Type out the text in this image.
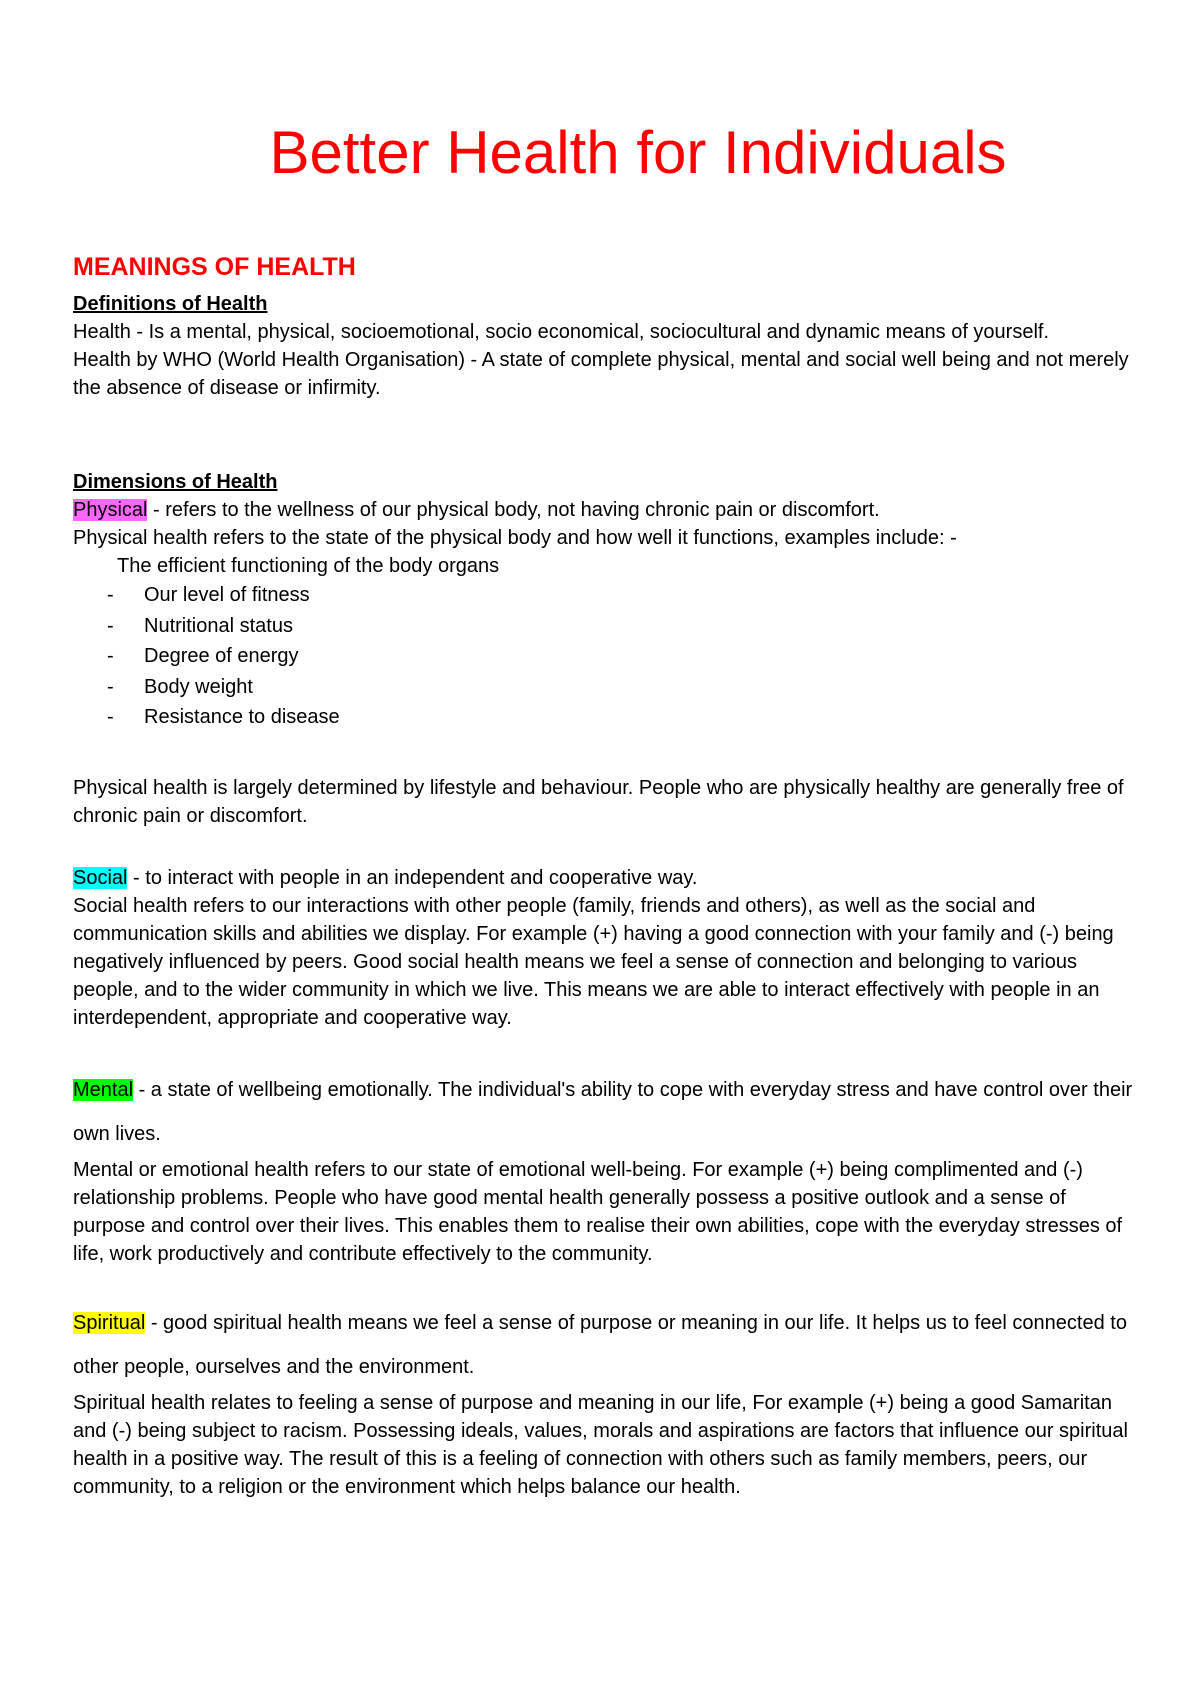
Better Health for Individuals
MEANINGS OF HEALTH

Definitions of Health

Health - Is a mental, physical, socioemotional, socio economical, sociocultural and dynamic means of yourself.

Health by WHO (World Health Organisation) - A state of complete physical, mental and social well being and not merely the absence of disease or infirmity.

Dimensions of Health

Physical - refers to the wellness of our physical body, not having chronic pain or discomfort.

Physical health refers to the state of the physical body and how well it functions, examples include: -

The efficient functioning of the body organs

- Our level of fitness
- Nutritional status
- Degree of energy
- Body weight
- Resistance to disease

Physical health is largely determined by lifestyle and behaviour. People who are physically healthy are generally free of chronic pain or discomfort.

Social - to interact with people in an independent and cooperative way.

Social health refers to our interactions with other people (family, friends and others), as well as the social and communication skills and abilities we display. For example (+) having a good connection with your family and (-) being negatively influenced by peers. Good social health means we feel a sense of connection and belonging to various people, and to the wider community in which we live. This means we are able to interact effectively with people in an interdependent, appropriate and cooperative way.

Mental - a state of wellbeing emotionally. The individual's ability to cope with everyday stress and have control over their own lives.

Mental or emotional health refers to our state of emotional well-being. For example (+) being complimented and (-) relationship problems. People who have good mental health generally possess a positive outlook and a sense of purpose and control over their lives. This enables them to realise their own abilities, cope with the everyday stresses of life, work productively and contribute effectively to the community.

Spiritual - good spiritual health means we feel a sense of purpose or meaning in our life. It helps us to feel connected to other people, ourselves and the environment.

Spiritual health relates to feeling a sense of purpose and meaning in our life, For example (+) being a good Samaritan and (-) being subject to racism. Possessing ideals, values, morals and aspirations are factors that influence our spiritual health in a positive way. The result of this is a feeling of connection with others such as family members, peers, our community, to a religion or the environment which helps balance our health.
